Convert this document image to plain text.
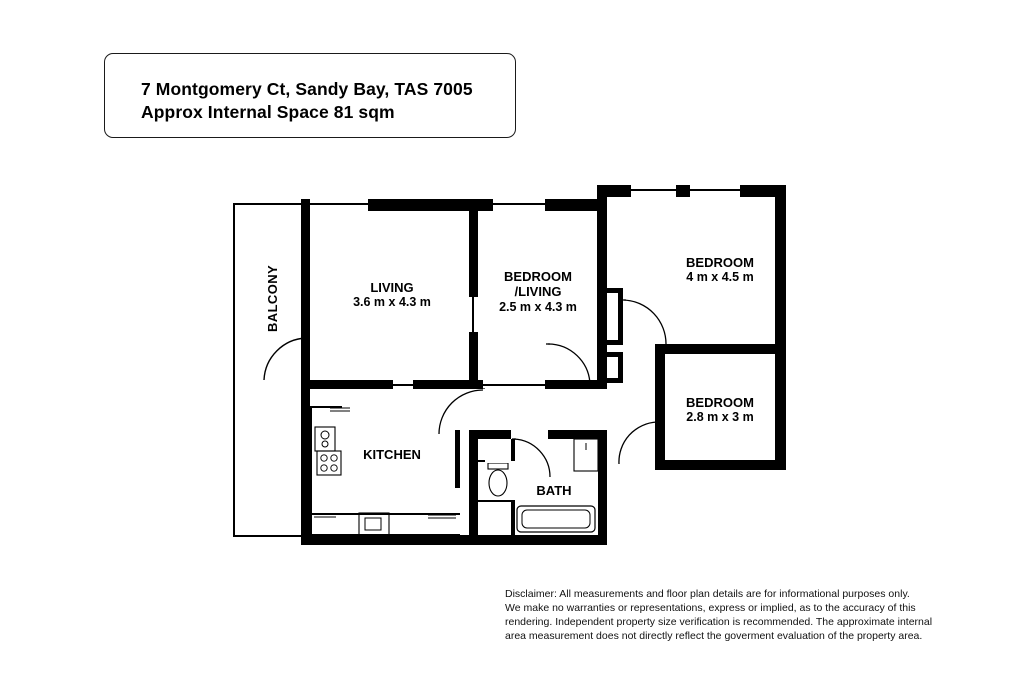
7 Montgomery Ct, Sandy Bay, TAS 7005
Approx Internal Space 81 sqm
BALCONY	LIVING
3.6 m x 4.3 m
BEDROOM
/LIVING
2.5 m x 4.3 m
BEDROOM
4 m x 4.5 m
BEDROOM
2.8 m x 3 m
KITCHEN
BATH
Disclaimer: All measurements and floor plan details are for informational purposes only.
We make no warranties or representations, express or implied, as to the accuracy of this
rendering. Independent property size verification is recommended. The approximate internal
area measurement does not directly reflect the goverment evaluation of the property area.
